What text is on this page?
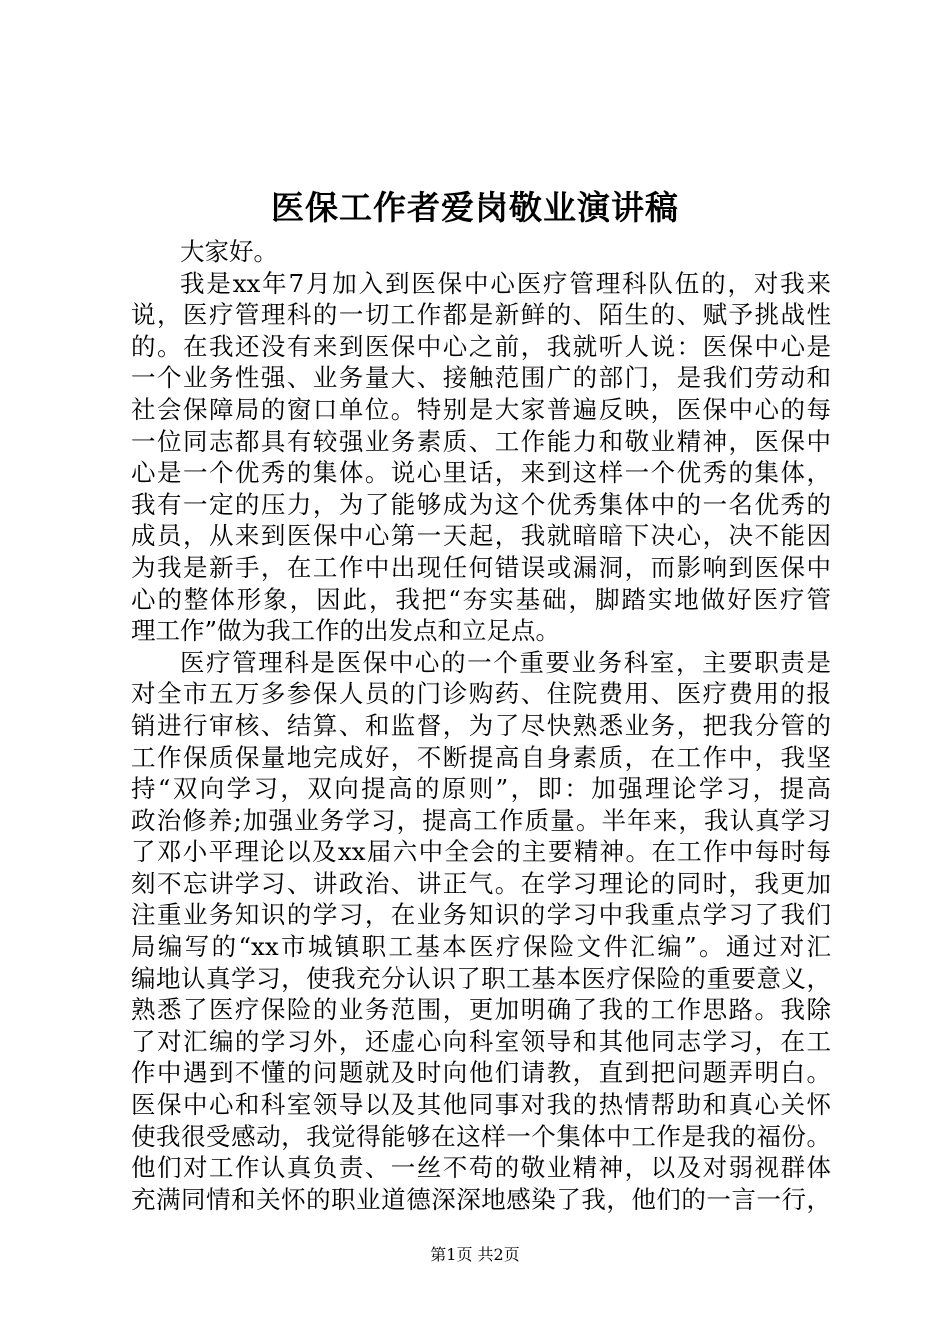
医保工作者爱岗敬业演讲稿
大家好。
我是xx年7月加入到医保中心医疗管理科队伍的，对我来
说，医疗管理科的一切工作都是新鲜的、陌生的、赋予挑战性
的。在我还没有来到医保中心之前，我就听人说：医保中心是
一个业务性强、业务量大、接触范围广的部门，是我们劳动和
社会保障局的窗口单位。特别是大家普遍反映，医保中心的每
一位同志都具有较强业务素质、工作能力和敬业精神，医保中
心是一个优秀的集体。说心里话，来到这样一个优秀的集体，
我有一定的压力，为了能够成为这个优秀集体中的一名优秀的
成员，从来到医保中心第一天起，我就暗暗下决心，决不能因
为我是新手，在工作中出现任何错误或漏洞，而影响到医保中
心的整体形象，因此，我把“夯实基础，脚踏实地做好医疗管
理工作”做为我工作的出发点和立足点。
医疗管理科是医保中心的一个重要业务科室，主要职责是
对全市五万多参保人员的门诊购药、住院费用、医疗费用的报
销进行审核、结算、和监督，为了尽快熟悉业务，把我分管的
工作保质保量地完成好，不断提高自身素质，在工作中，我坚
持“双向学习，双向提高的原则”，即：加强理论学习，提高
政治修养;加强业务学习，提高工作质量。半年来，我认真学习
了邓小平理论以及xx届六中全会的主要精神。在工作中每时每
刻不忘讲学习、讲政治、讲正气。在学习理论的同时，我更加
注重业务知识的学习，在业务知识的学习中我重点学习了我们
局编写的“xx市城镇职工基本医疗保险文件汇编”。通过对汇
编地认真学习，使我充分认识了职工基本医疗保险的重要意义，
熟悉了医疗保险的业务范围，更加明确了我的工作思路。我除
了对汇编的学习外，还虚心向科室领导和其他同志学习，在工
作中遇到不懂的问题就及时向他们请教，直到把问题弄明白。
医保中心和科室领导以及其他同事对我的热情帮助和真心关怀
使我很受感动，我觉得能够在这样一个集体中工作是我的福份。
他们对工作认真负责、一丝不苟的敬业精神，以及对弱视群体
充满同情和关怀的职业道德深深地感染了我，他们的一言一行，
第1页 共2页
